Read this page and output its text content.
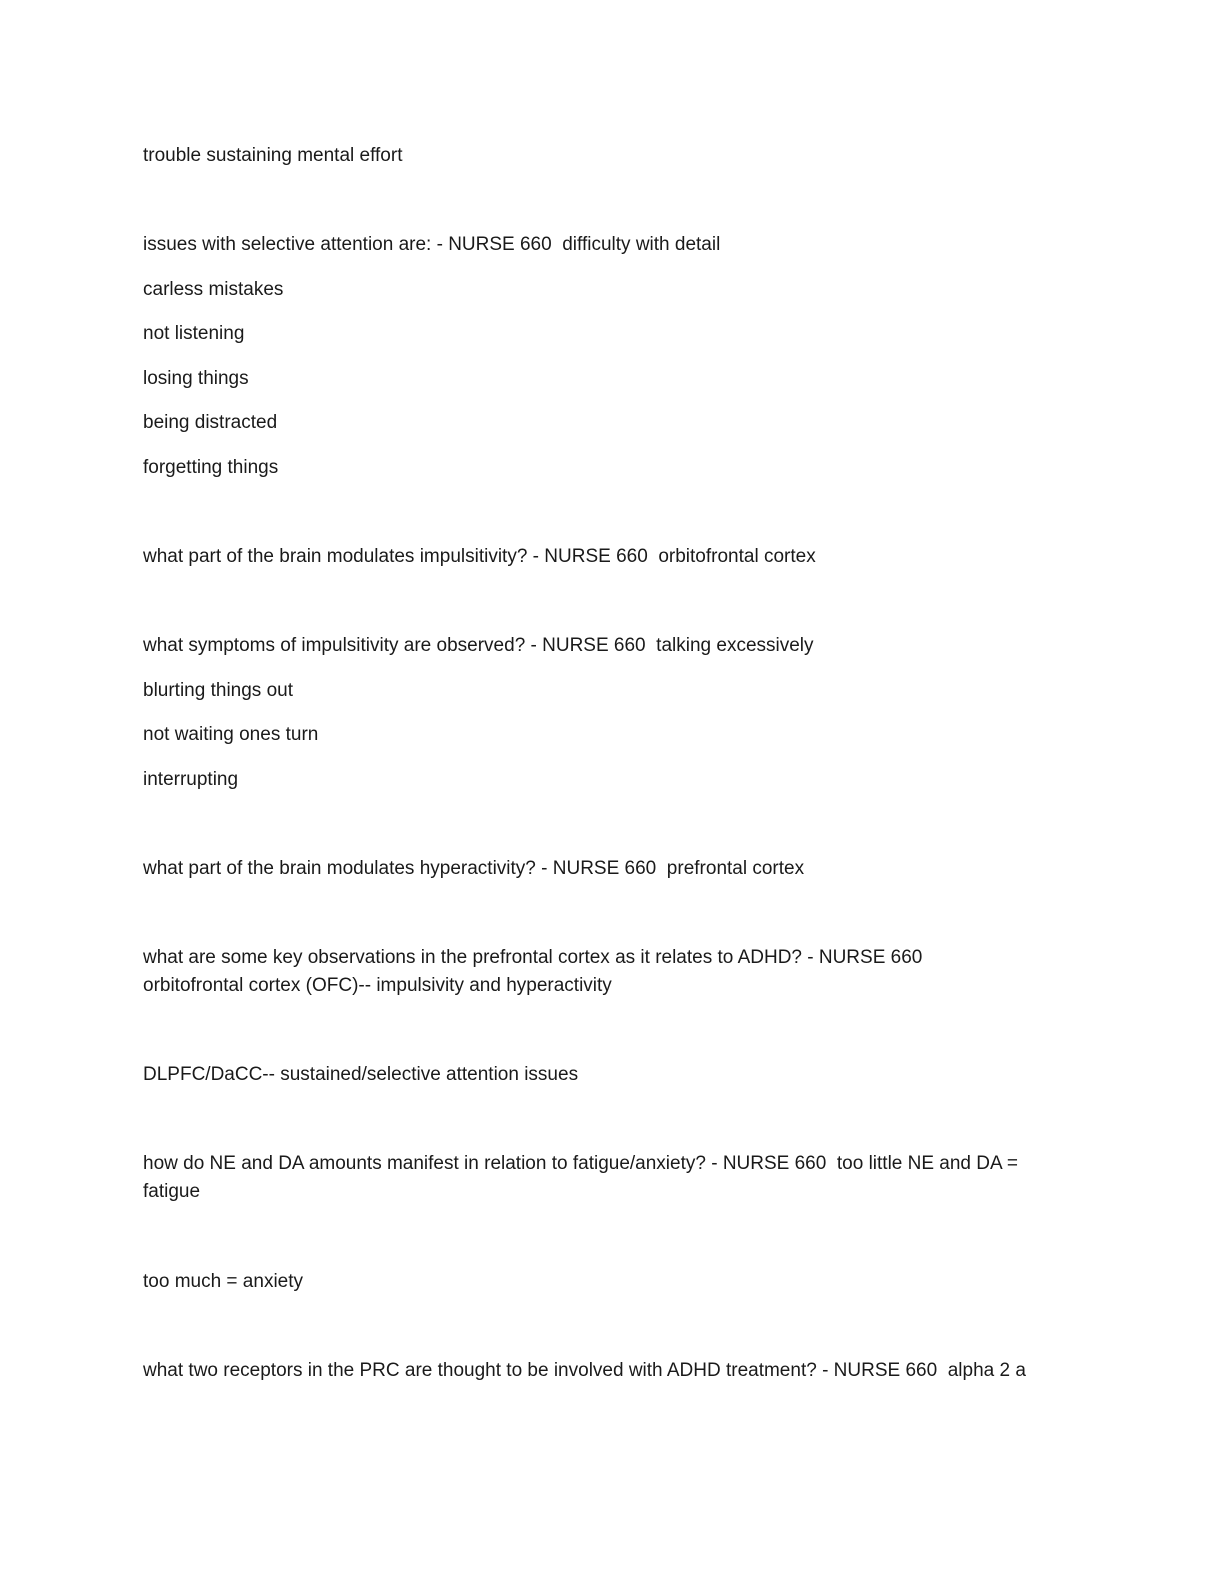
trouble sustaining mental effort

issues with selective attention are: - NURSE 660  difficulty with detail

carless mistakes

not listening

losing things

being distracted

forgetting things

what part of the brain modulates impulsitivity? - NURSE 660  orbitofrontal cortex

what symptoms of impulsitivity are observed? - NURSE 660  talking excessively

blurting things out

not waiting ones turn

interrupting

what part of the brain modulates hyperactivity? - NURSE 660  prefrontal cortex

what are some key observations in the prefrontal cortex as it relates to ADHD? - NURSE 660

orbitofrontal cortex (OFC)-- impulsivity and hyperactivity

DLPFC/DaCC-- sustained/selective attention issues

how do NE and DA amounts manifest in relation to fatigue/anxiety? - NURSE 660  too little NE and DA =

fatigue

too much = anxiety

what two receptors in the PRC are thought to be involved with ADHD treatment? - NURSE 660  alpha 2 a
